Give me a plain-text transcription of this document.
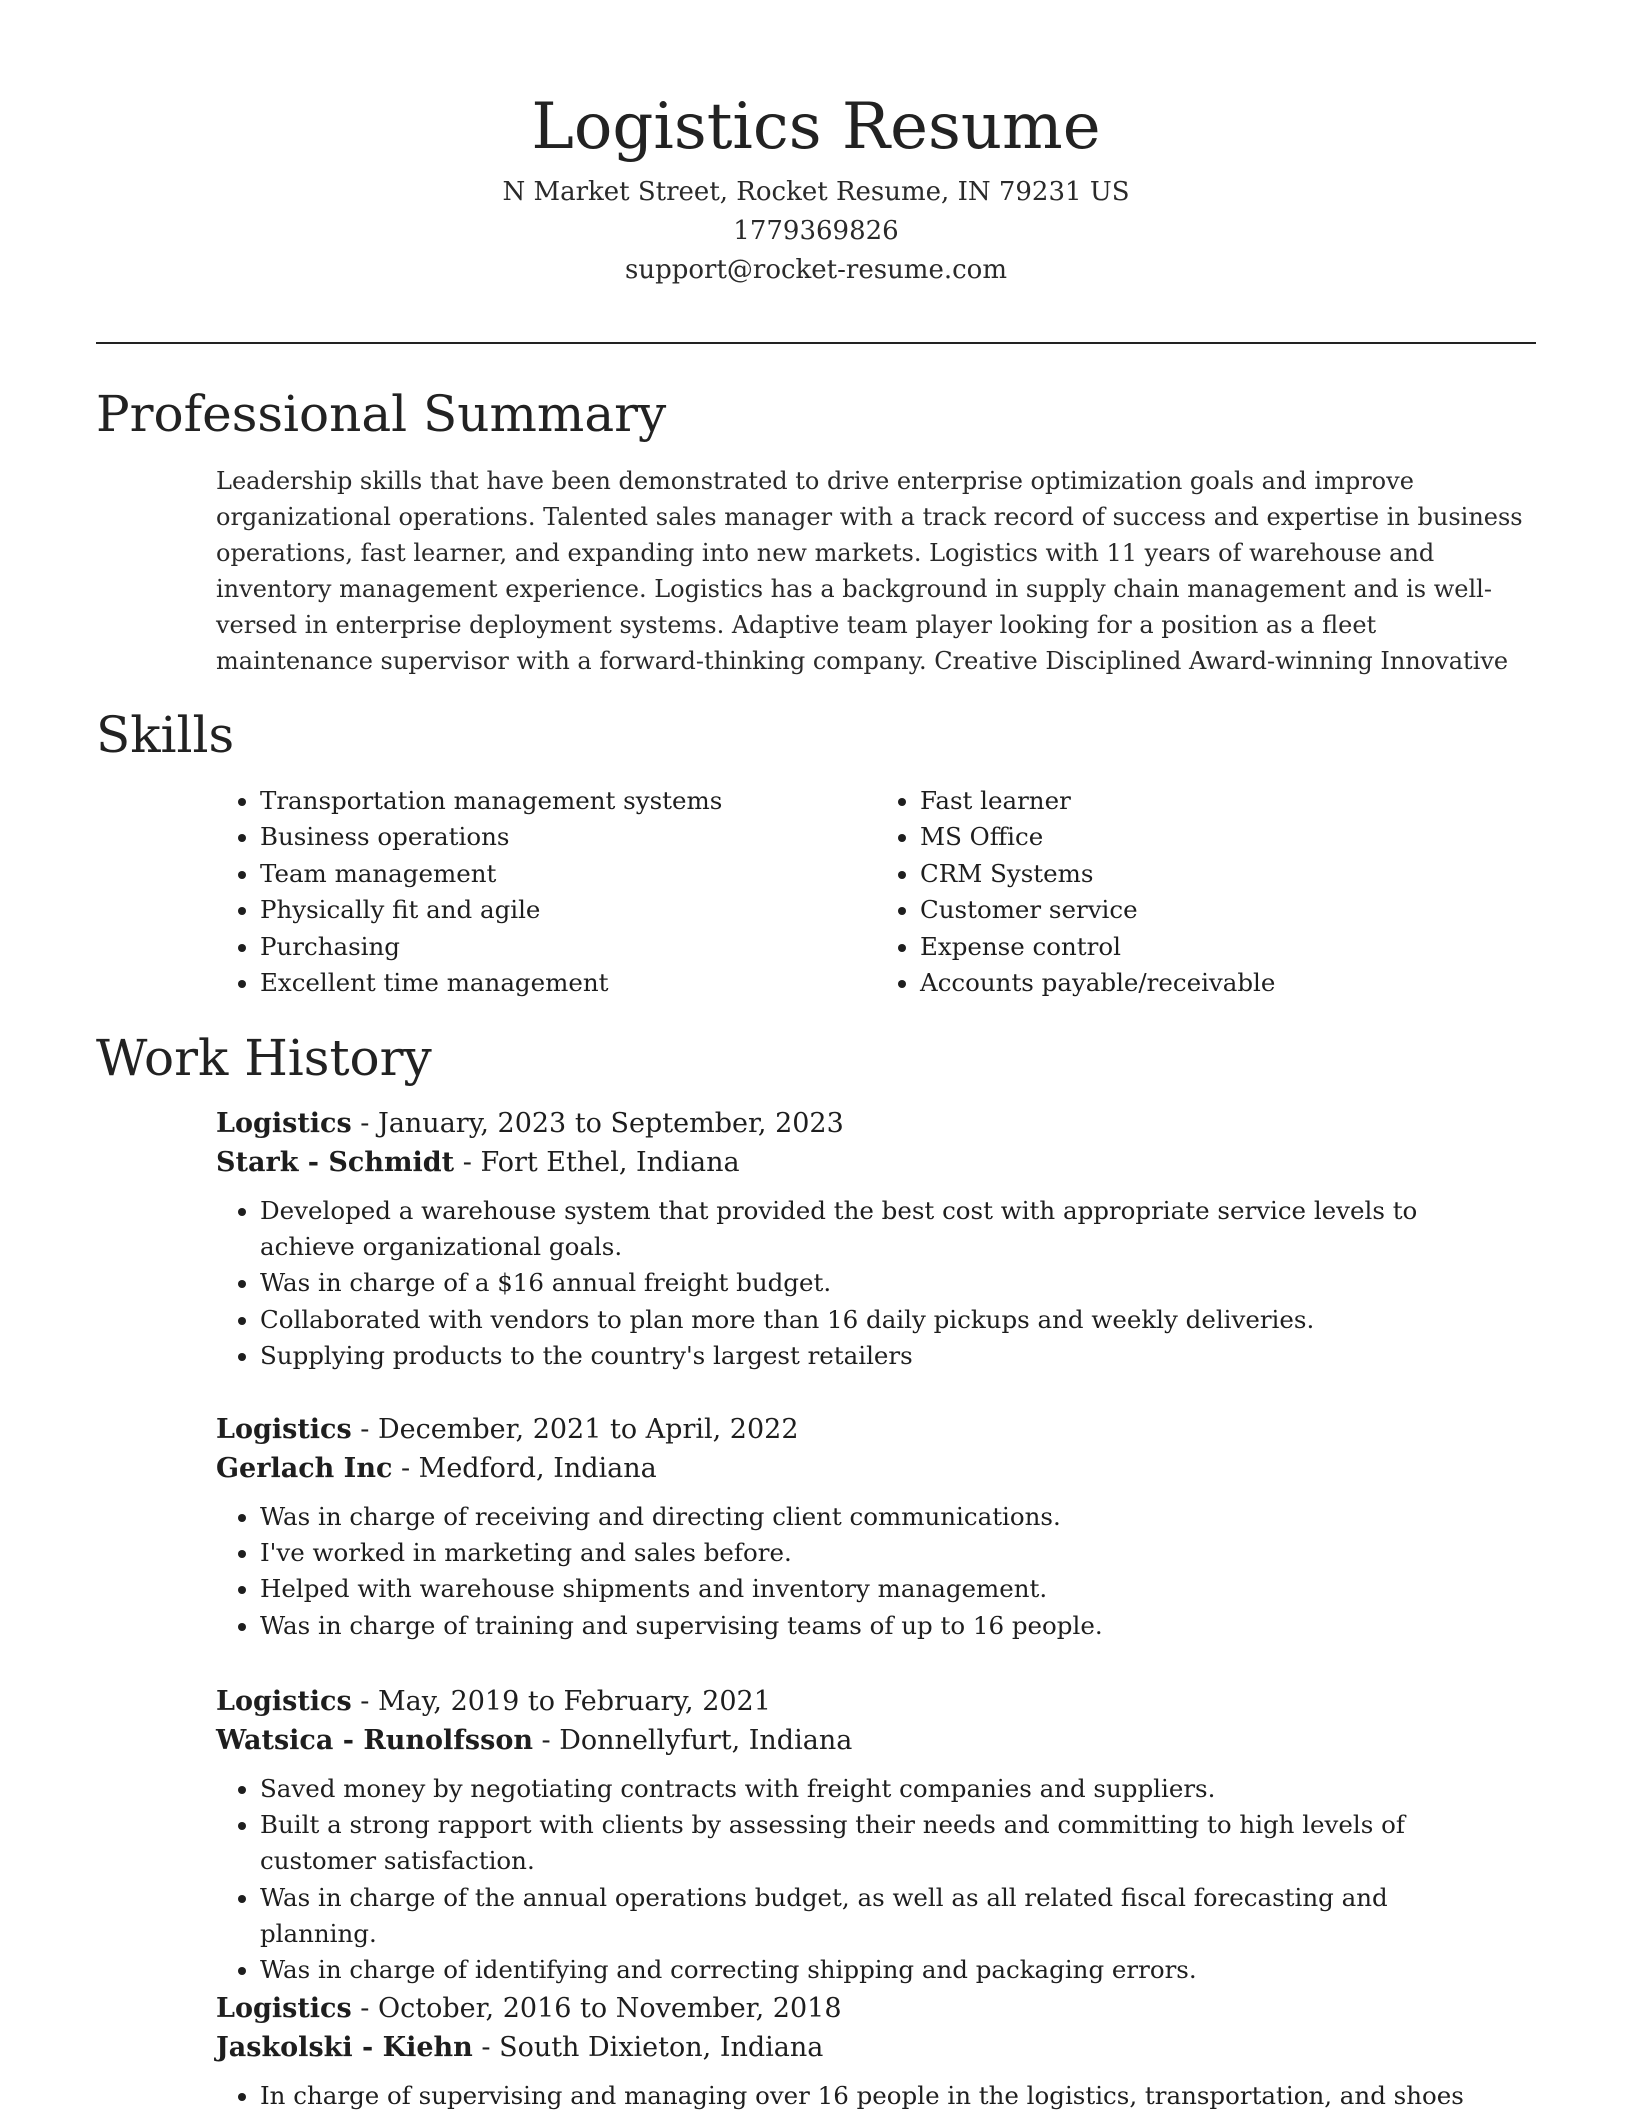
Logistics Resume

N Market Street, Rocket Resume, IN 79231 US

1779369826

support@rocket-resume.com

Professional Summary

Leadership skills that have been demonstrated to drive enterprise optimization goals and improve organizational operations. Talented sales manager with a track record of success and expertise in business operations, fast learner, and expanding into new markets. Logistics with 11 years of warehouse and inventory management experience. Logistics has a background in supply chain management and is well-versed in enterprise deployment systems. Adaptive team player looking for a position as a fleet maintenance supervisor with a forward-thinking company. Creative Disciplined Award-winning Innovative

Skills
• Transportation management systems
• Business operations
• Team management
• Physically fit and agile
• Purchasing
• Excellent time management
• Fast learner
• MS Office
• CRM Systems
• Customer service
• Expense control
• Accounts payable/receivable
Work History

Logistics - January, 2023 to September, 2023

Stark - Schmidt - Fort Ethel, Indiana

• Developed a warehouse system that provided the best cost with appropriate service levels to achieve organizational goals.
• Was in charge of a $16 annual freight budget.
• Collaborated with vendors to plan more than 16 daily pickups and weekly deliveries.
• Supplying products to the country's largest retailers

Logistics - December, 2021 to April, 2022

Gerlach Inc - Medford, Indiana

• Was in charge of receiving and directing client communications.
• I've worked in marketing and sales before.
• Helped with warehouse shipments and inventory management.
• Was in charge of training and supervising teams of up to 16 people.

Logistics - May, 2019 to February, 2021

Watsica - Runolfsson - Donnellyfurt, Indiana

• Saved money by negotiating contracts with freight companies and suppliers.
• Built a strong rapport with clients by assessing their needs and committing to high levels of customer satisfaction.
• Was in charge of the annual operations budget, as well as all related fiscal forecasting and planning.
• Was in charge of identifying and correcting shipping and packaging errors.

Logistics - October, 2016 to November, 2018

Jaskolski - Kiehn - South Dixieton, Indiana

• In charge of supervising and managing over 16 people in the logistics, transportation, and shoes
